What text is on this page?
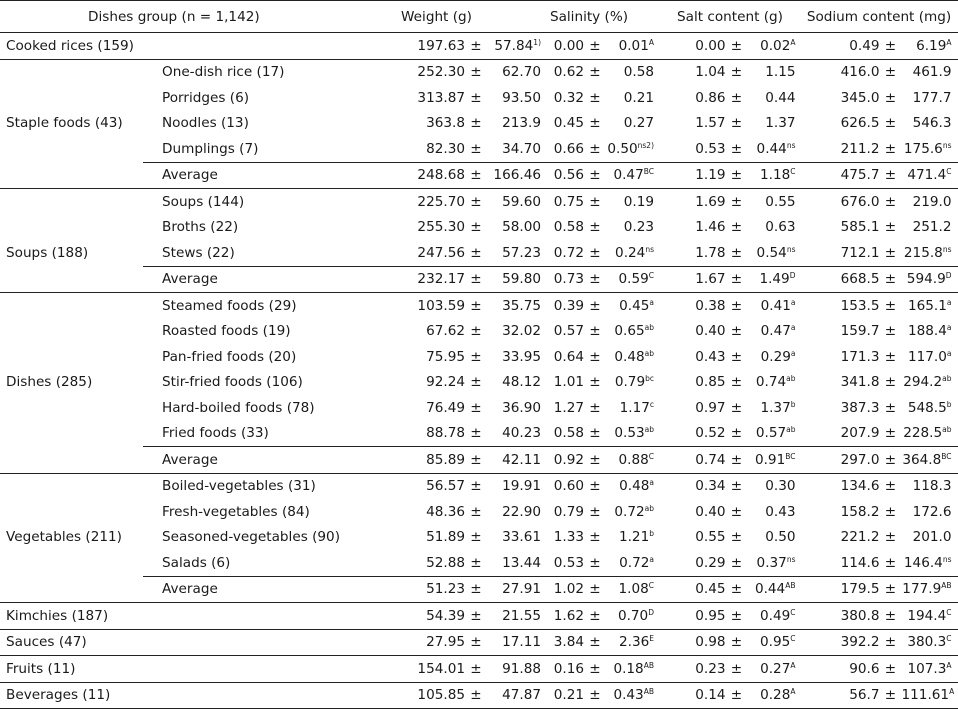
Dishes group (n = 1,142)		Weight (g)	Salinity (%)	Salt content (g)	Sodium content (mg)
Cooked rices (159)		$197.63 \pm 57.84^{1)}$	$0.00 \pm 0.01^A$	$0.00 \pm 0.02^A$	$0.49 \pm 6.19^A$
	One-dish rice (17)	252.30 ± 62.70	0.62 ± 0.58	1.04 ± 1.15	416.0 ± 461.9
	Porridges (6)	313.87 ± 93.50	0.32 ± 0.21	0.86 ± 0.44	345.0 ± 177.7
Staple foods (43)	Noodles (13)	363.8 ± 213.9	0.45 ± 0.27	1.57 ± 1.37	626.5 ± 546.3
	Dumplings (7)	82.30 ± 34.70	$0.66 \pm 0.50^{ns2)}$	$0.53 \pm 0.44^{ns}$	$211.2 \pm 175.6^{ns}$
	Average	248.68 ± 166.46	$0.56 \pm 0.47^{BC}$	$1.19 \pm 1.18^C$	$475.7 \pm 471.4^C$
	Soups (144)	225.70 ± 59.60	0.75 ± 0.19	1.69 ± 0.55	676.0 ± 219.0
	Broths (22)	255.30 ± 58.00	0.58 ± 0.23	1.46 ± 0.63	585.1 ± 251.2
Soups (188)	Stews (22)	247.56 ± 57.23	$0.72 \pm 0.24^{ns}$	$1.78 \pm 0.54^{ns}$	$712.1 \pm 215.8^{ns}$
	Average	232.17 ± 59.80	$0.73 \pm 0.59^C$	$1.67 \pm 1.49^D$	$668.5 \pm 594.9^D$
	Steamed foods (29)	103.59 ± 35.75	0.39 ± 0.45$^a$	0.38 ± 0.41$^a$	153.5 ± 165.1$^a$
	Roasted foods (19)	67.62 ± 32.02	0.57 ± 0.65$^{ab}$	0.40 ± 0.47$^a$	159.7 ± 188.4$^a$
	Pan-fried foods (20)	75.95 ± 33.95	0.64 ± 0.48$^{ab}$	0.43 ± 0.29$^a$	171.3 ± 117.0$^a$
Dishes (285)	Stir-fried foods (106)	92.24 ± 48.12	1.01 ± 0.79$^{bc}$	0.85 ± 0.74$^{ab}$	341.8 ± 294.2$^{ab}$
	Hard-boiled foods (78)	76.49 ± 36.90	1.27 ± 1.17$^c$	0.97 ± 1.37$^b$	387.3 ± 548.5$^b$
	Fried foods (33)	88.78 ± 40.23	0.58 ± 0.53$^{ab}$	0.52 ± 0.57$^{ab}$	207.9 ± 228.5$^{ab}$
	Average	85.89 ± 42.11	$0.92 \pm 0.88^C$	$0.74 \pm 0.91^{BC}$	$297.0 \pm 364.8^{BC}$
	Boiled-vegetables (31)	56.57 ± 19.91	0.60 ± 0.48$^a$	0.34 ± 0.30	134.6 ± 118.3
	Fresh-vegetables (84)	48.36 ± 22.90	0.79 ± 0.72$^{ab}$	0.40 ± 0.43	158.2 ± 172.6
Vegetables (211)	Seasoned-vegetables (90)	51.89 ± 33.61	1.33 ± 1.21$^b$	0.55 ± 0.50	221.2 ± 201.0
	Salads (6)	52.88 ± 13.44	0.53 ± 0.72$^a$	$0.29 \pm 0.37^{ns}$	$114.6 \pm 146.4^{ns}$
	Average	51.23 ± 27.91	$1.02 \pm 1.08^C$	$0.45 \pm 0.44^{AB}$	$179.5 \pm 177.9^{AB}$
Kimchies (187)		54.39 ± 21.55	$1.62 \pm 0.70^D$	$0.95 \pm 0.49^C$	$380.8 \pm 194.4^C$
Sauces (47)		27.95 ± 17.11	$3.84 \pm 2.36^E$	$0.98 \pm 0.95^C$	$392.2 \pm 380.3^C$
Fruits (11)		154.01 ± 91.88	$0.16 \pm 0.18^{AB}$	$0.23 \pm 0.27^A$	$90.6 \pm 107.3^A$
Beverages (11)		105.85 ± 47.87	$0.21 \pm 0.43^{AB}$	$0.14 \pm 0.28^A$	$56.7 \pm 111.61^A$
